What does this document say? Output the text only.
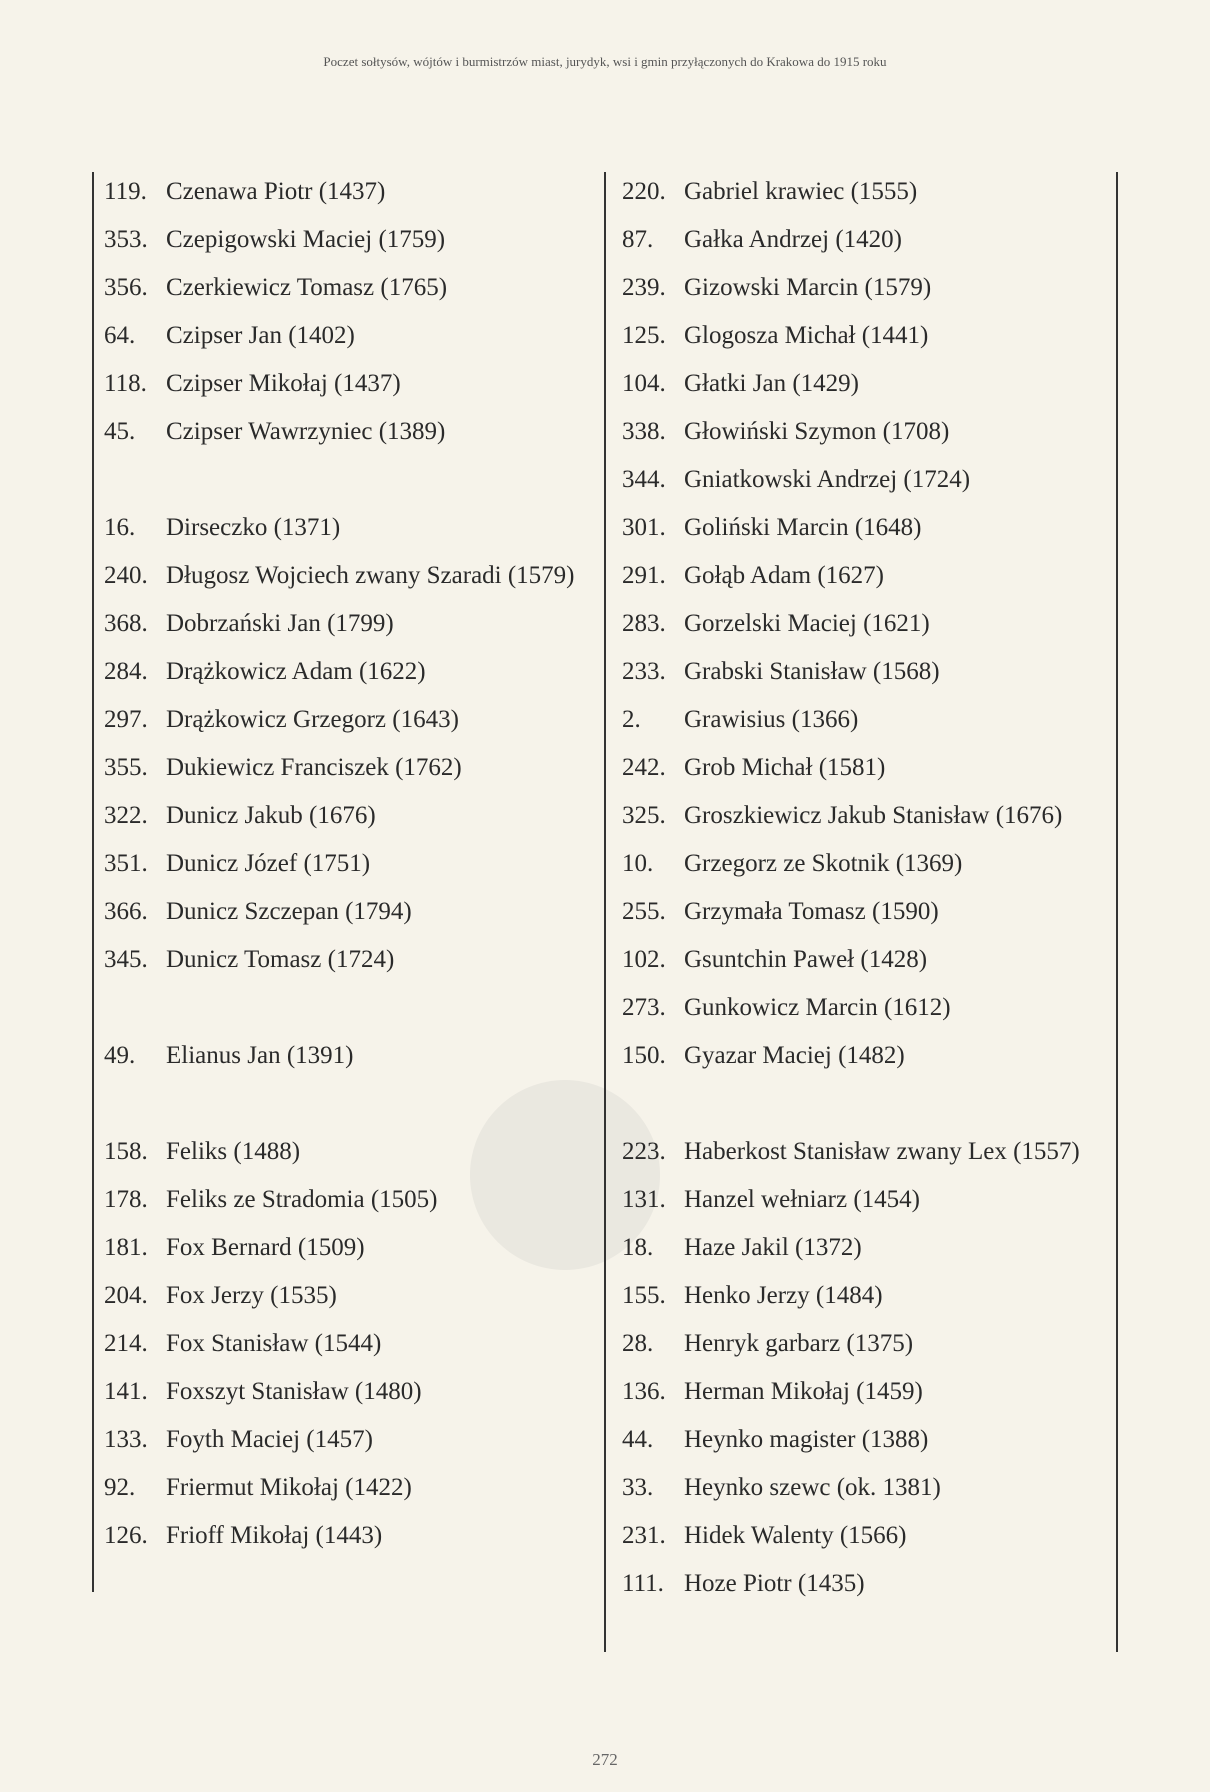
Poczet sołtysów, wójtów i burmistrzów miast, jurydyk, wsi i gmin przyłączonych do Krakowa do 1915 roku
119. Czenawa Piotr (1437)
353. Czepigowski Maciej (1759)
356. Czerkiewicz Tomasz (1765)
64.	Czipser Jan (1402)
118. Czipser Mikołaj (1437)
45.	Czipser Wawrzyniec (1389)
16.	Dirseczko (1371)
240. Długosz Wojciech zwany Szaradi (1579)
368. Dobrzański Jan (1799)
284. Drążkowicz Adam (1622)
297. Drążkowicz Grzegorz (1643)
355. Dukiewicz Franciszek (1762)
322. Dunicz Jakub (1676)
351. Dunicz Józef (1751)
366. Dunicz Szczepan (1794)
345. Dunicz Tomasz (1724)
49.	Elianus Jan (1391)
158. Feliks (1488)
178. Feliks ze Stradomia (1505)
181. Fox Bernard (1509)
204. Fox Jerzy (1535)
214. Fox Stanisław (1544)
141. Foxszyt Stanisław (1480)
133. Foyth Maciej (1457)
92.	Friermut Mikołaj (1422)
126. Frioff Mikołaj (1443)
220. Gabriel krawiec (1555)
87.	Gałka Andrzej (1420)
239. Gizowski Marcin (1579)
125. Glogosza Michał (1441)
104. Głatki Jan (1429)
338. Głowiński Szymon (1708)
344. Gniatkowski Andrzej (1724)
301. Goliński Marcin (1648)
291. Gołąb Adam (1627)
283. Gorzelski Maciej (1621)
233. Grabski Stanisław (1568)
2.	Grawisius (1366)
242. Grob Michał (1581)
325. Groszkiewicz Jakub Stanisław (1676)
10.	Grzegorz ze Skotnik (1369)
255. Grzymała Tomasz (1590)
102. Gsuntchin Paweł (1428)
273. Gunkowicz Marcin (1612)
150. Gyazar Maciej (1482)
223. Haberkost Stanisław zwany Lex (1557)
131. Hanzel wełniarz (1454)
18.	Haze Jakil (1372)
155. Henko Jerzy (1484)
28.	Henryk garbarz (1375)
136. Herman Mikołaj (1459)
44.	Heynko magister (1388)
33.	Heynko szewc (ok. 1381)
231. Hidek Walenty (1566)
111. Hoze Piotr (1435)
272
